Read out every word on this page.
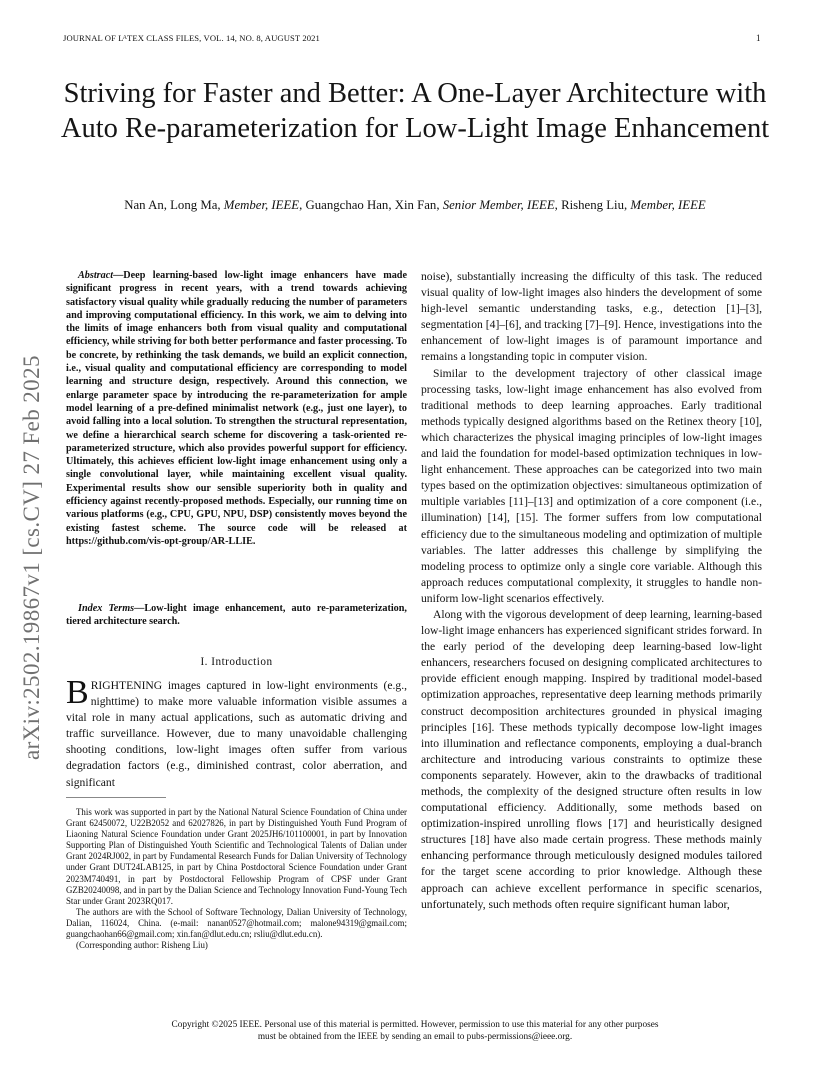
JOURNAL OF $L^ATEX$ CLASS FILES, VOL. 14, NO. 8, AUGUST 2021	1
Striving for Faster and Better: A One-Layer Architecture with Auto Re-parameterization for Low-Light Image Enhancement
Nan An, Long Ma, Member, IEEE, Guangchao Han, Xin Fan, Senior Member, IEEE, Risheng Liu, Member, IEEE
arXiv:2502.19867v1 [cs.CV] 27 Feb 2025
Abstract—Deep learning-based low-light image enhancers have made significant progress in recent years, with a trend towards achieving satisfactory visual quality while gradually reducing the number of parameters and improving computational efficiency. In this work, we aim to delving into the limits of image enhancers both from visual quality and computational efficiency, while striving for both better performance and faster processing. To be concrete, by rethinking the task demands, we build an explicit connection, i.e., visual quality and computational efficiency are corresponding to model learning and structure design, respectively. Around this connection, we enlarge parameter space by introducing the re-parameterization for ample model learning of a pre-defined minimalist network (e.g., just one layer), to avoid falling into a local solution. To strengthen the structural representation, we define a hierarchical search scheme for discovering a task-oriented re-parameterized structure, which also provides powerful support for efficiency. Ultimately, this achieves efficient low-light image enhancement using only a single convolutional layer, while maintaining excellent visual quality. Experimental results show our sensible superiority both in quality and efficiency against recently-proposed methods. Especially, our running time on various platforms (e.g., CPU, GPU, NPU, DSP) consistently moves beyond the existing fastest scheme. The source code will be released at https://github.com/vis-opt-group/AR-LLIE.
Index Terms—Low-light image enhancement, auto re-parameterization, tiered architecture search.
I. Introduction
BRIGHTENING images captured in low-light environments (e.g., nighttime) to make more valuable information visible assumes a vital role in many actual applications, such as automatic driving and traffic surveillance. However, due to many unavoidable challenging shooting conditions, low-light images often suffer from various degradation factors (e.g., diminished contrast, color aberration, and significant

This work was supported in part by the National Natural Science Foundation of China under Grant 62450072, U22B2052 and 62027826, in part by Distinguished Youth Fund Program of Liaoning Natural Science Foundation under Grant 2025JH6/101100001, in part by Innovation Supporting Plan of Distinguished Youth Scientific and Technological Talents of Dalian under Grant 2024RJ002, in part by Fundamental Research Funds for Dalian University of Technology under Grant DUT24LAB125, in part by China Postdoctoral Science Foundation under Grant 2023M740491, in part by Postdoctoral Fellowship Program of CPSF under Grant GZB20240098, and in part by the Dalian Science and Technology Innovation Fund-Young Tech Star under Grant 2023RQ017.

The authors are with the School of Software Technology, Dalian University of Technology, Dalian, 116024, China. (e-mail: nanan0527@hotmail.com; malone94319@gmail.com; guangchaohan66@gmail.com; xin.fan@dlut.edu.cn; rsliu@dlut.edu.cn).

(Corresponding author: Risheng Liu)

noise), substantially increasing the difficulty of this task. The reduced visual quality of low-light images also hinders the development of some high-level semantic understanding tasks, e.g., detection [1]–[3], segmentation [4]–[6], and tracking [7]–[9]. Hence, investigations into the enhancement of low-light images is of paramount importance and remains a longstanding topic in computer vision.

Similar to the development trajectory of other classical image processing tasks, low-light image enhancement has also evolved from traditional methods to deep learning approaches. Early traditional methods typically designed algorithms based on the Retinex theory [10], which characterizes the physical imaging principles of low-light images and laid the foundation for model-based optimization techniques in low-light enhancement. These approaches can be categorized into two main types based on the optimization objectives: simultaneous optimization of multiple variables [11]–[13] and optimization of a core component (i.e., illumination) [14], [15]. The former suffers from low computational efficiency due to the simultaneous modeling and optimization of multiple variables. The latter addresses this challenge by simplifying the modeling process to optimize only a single core variable. Although this approach reduces computational complexity, it struggles to handle non-uniform low-light scenarios effectively.

Along with the vigorous development of deep learning, learning-based low-light image enhancers has experienced significant strides forward. In the early period of the developing deep learning-based low-light enhancers, researchers focused on designing complicated architectures to provide efficient enough mapping. Inspired by traditional model-based optimization approaches, representative deep learning methods primarily construct decomposition architectures grounded in physical imaging principles [16]. These methods typically decompose low-light images into illumination and reflectance components, employing a dual-branch architecture and introducing various constraints to optimize these components separately. However, akin to the drawbacks of traditional methods, the complexity of the designed structure often results in low computational efficiency. Additionally, some methods based on optimization-inspired unrolling flows [17] and heuristically designed structures [18] have also made certain progress. These methods mainly enhancing performance through meticulously designed modules tailored for the target scene according to prior knowledge. Although these approach can achieve excellent performance in specific scenarios, unfortunately, such methods often require significant human labor,

Copyright ©2025 IEEE. Personal use of this material is permitted. However, permission to use this material for any other purposes
must be obtained from the IEEE by sending an email to pubs-permissions@ieee.org.
